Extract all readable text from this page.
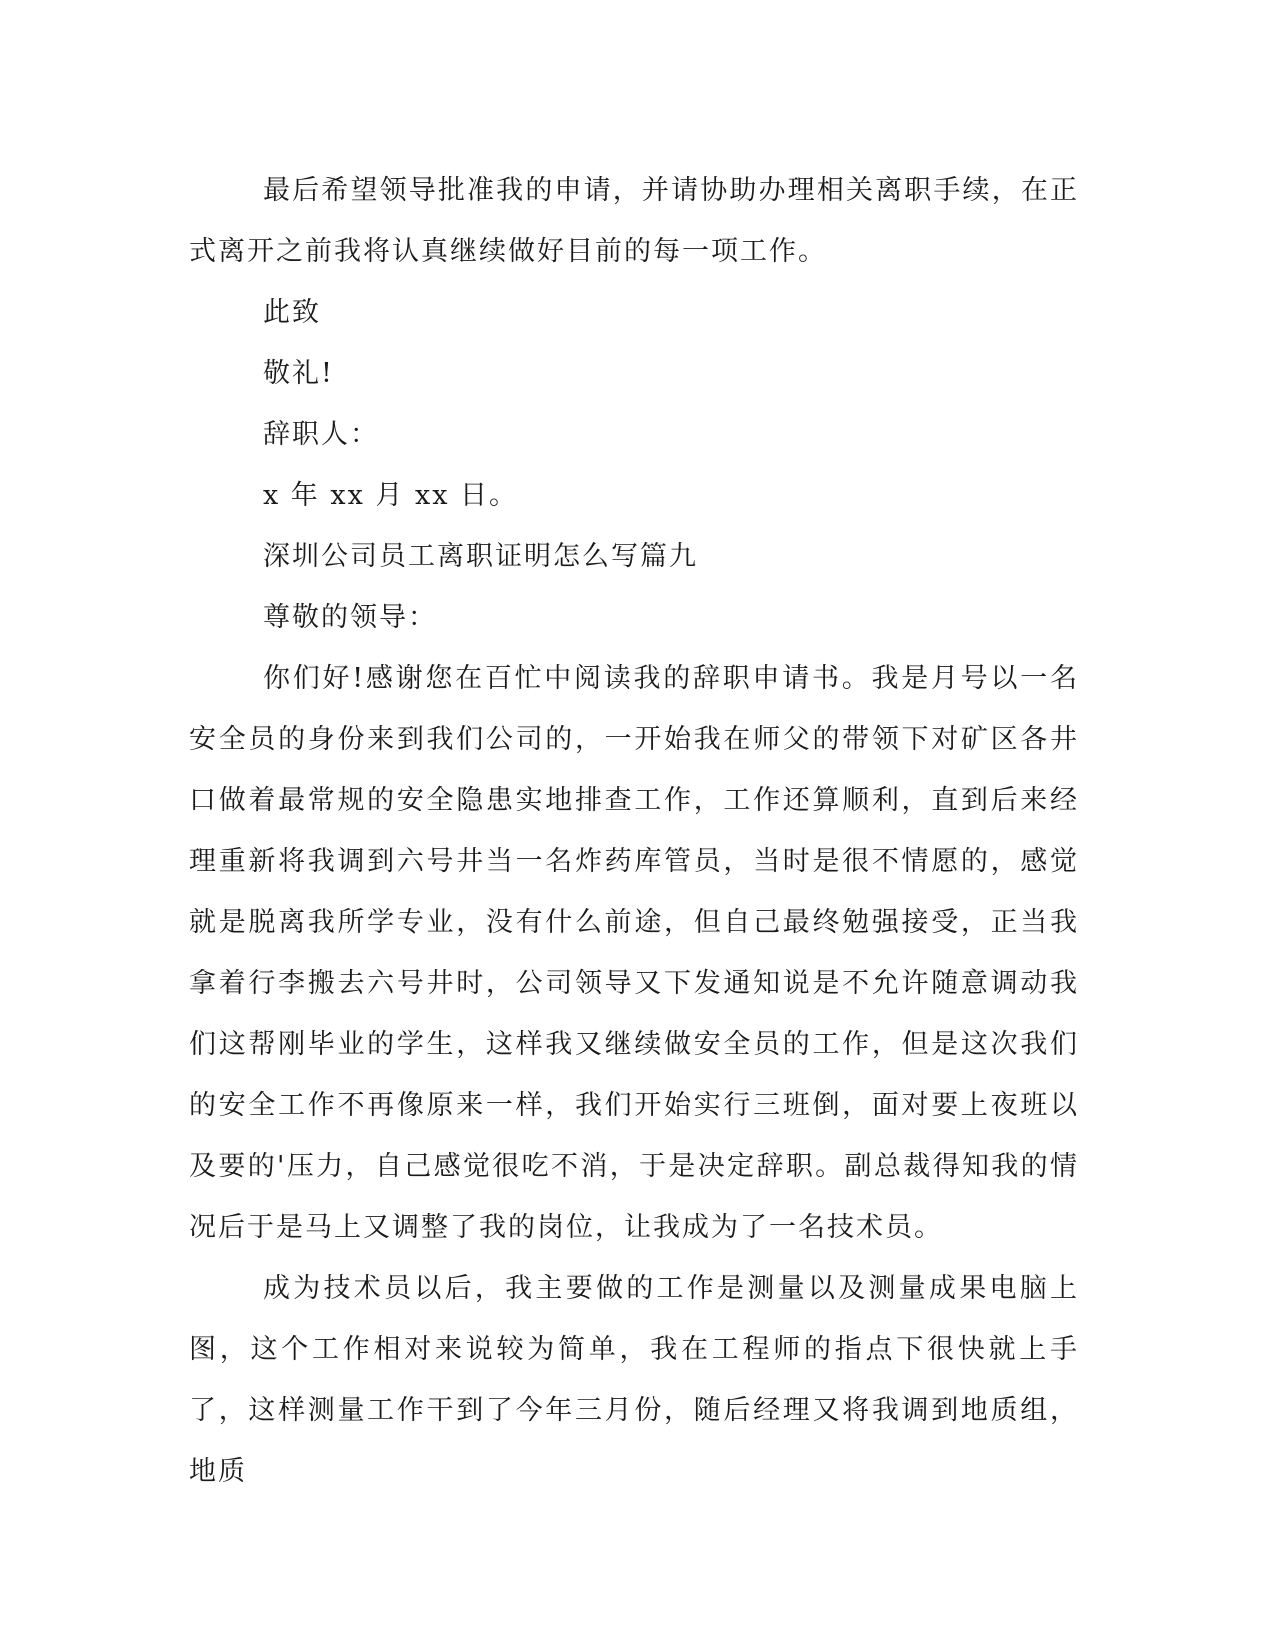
最后希望领导批准我的申请，并请协助办理相关离职手续，在正式离开之前我将认真继续做好目前的每一项工作。

此致

敬礼!

辞职人：

x 年 xx 月 xx 日。

深圳公司员工离职证明怎么写篇九

尊敬的领导：

你们好!感谢您在百忙中阅读我的辞职申请书。我是月号以一名安全员的身份来到我们公司的，一开始我在师父的带领下对矿区各井口做着最常规的安全隐患实地排查工作，工作还算顺利，直到后来经理重新将我调到六号井当一名炸药库管员，当时是很不情愿的，感觉就是脱离我所学专业，没有什么前途，但自己最终勉强接受，正当我拿着行李搬去六号井时，公司领导又下发通知说是不允许随意调动我们这帮刚毕业的学生，这样我又继续做安全员的工作，但是这次我们的安全工作不再像原来一样，我们开始实行三班倒，面对要上夜班以及要的'压力，自己感觉很吃不消，于是决定辞职。副总裁得知我的情况后于是马上又调整了我的岗位，让我成为了一名技术员。

成为技术员以后，我主要做的工作是测量以及测量成果电脑上图，这个工作相对来说较为简单，我在工程师的指点下很快就上手了，这样测量工作干到了今年三月份，随后经理又将我调到地质组，地质
